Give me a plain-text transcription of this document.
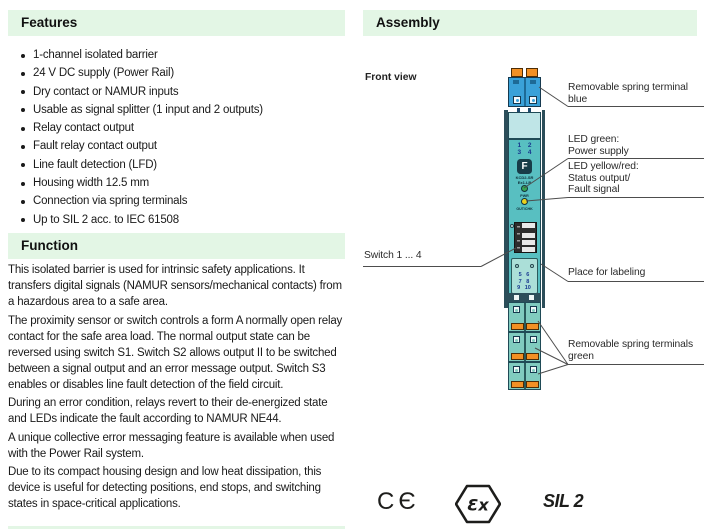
Features
1-channel isolated barrier
24 V DC supply (Power Rail)
Dry contact or NAMUR inputs
Usable as signal splitter (1 input and 2 outputs)
Relay contact output
Fault relay contact output
Line fault detection (LFD)
Housing width 12.5 mm
Connection via spring terminals
Up to SIL 2 acc. to IEC 61508
Function

This isolated barrier is used for intrinsic safety applications. It transfers digital signals (NAMUR sensors/mechanical contacts) from a hazardous area to a safe area.

The proximity sensor or switch controls a form A normally open relay contact for the safe area load. The normal output state can be reversed using switch S1. Switch S2 allows output II to be switched between a signal output and an error message output. Switch S3 enables or disables line fault detection of the field circuit.

During an error condition, relays revert to their de-energized state and LEDs indicate the fault according to NAMUR NE44.

A unique collective error messaging feature is available when used with the Power Rail system.

Due to its compact housing design and low heat dissipation, this device is useful for detecting positions, end stops, and switching states in space-critical applications.

Assembly
Front view
1 2
3 4
F
KCD2-SR
Ex1.LB
PWR
OUT/CHK
5 6
7 8
9 10
Removable spring terminal
blue
LED green:
Power supply
LED yellow/red:
Status output/
Fault signal
Switch 1 ... 4
Place for labeling
Removable spring terminals
green
CЄ	Ɛx	SIL 2
